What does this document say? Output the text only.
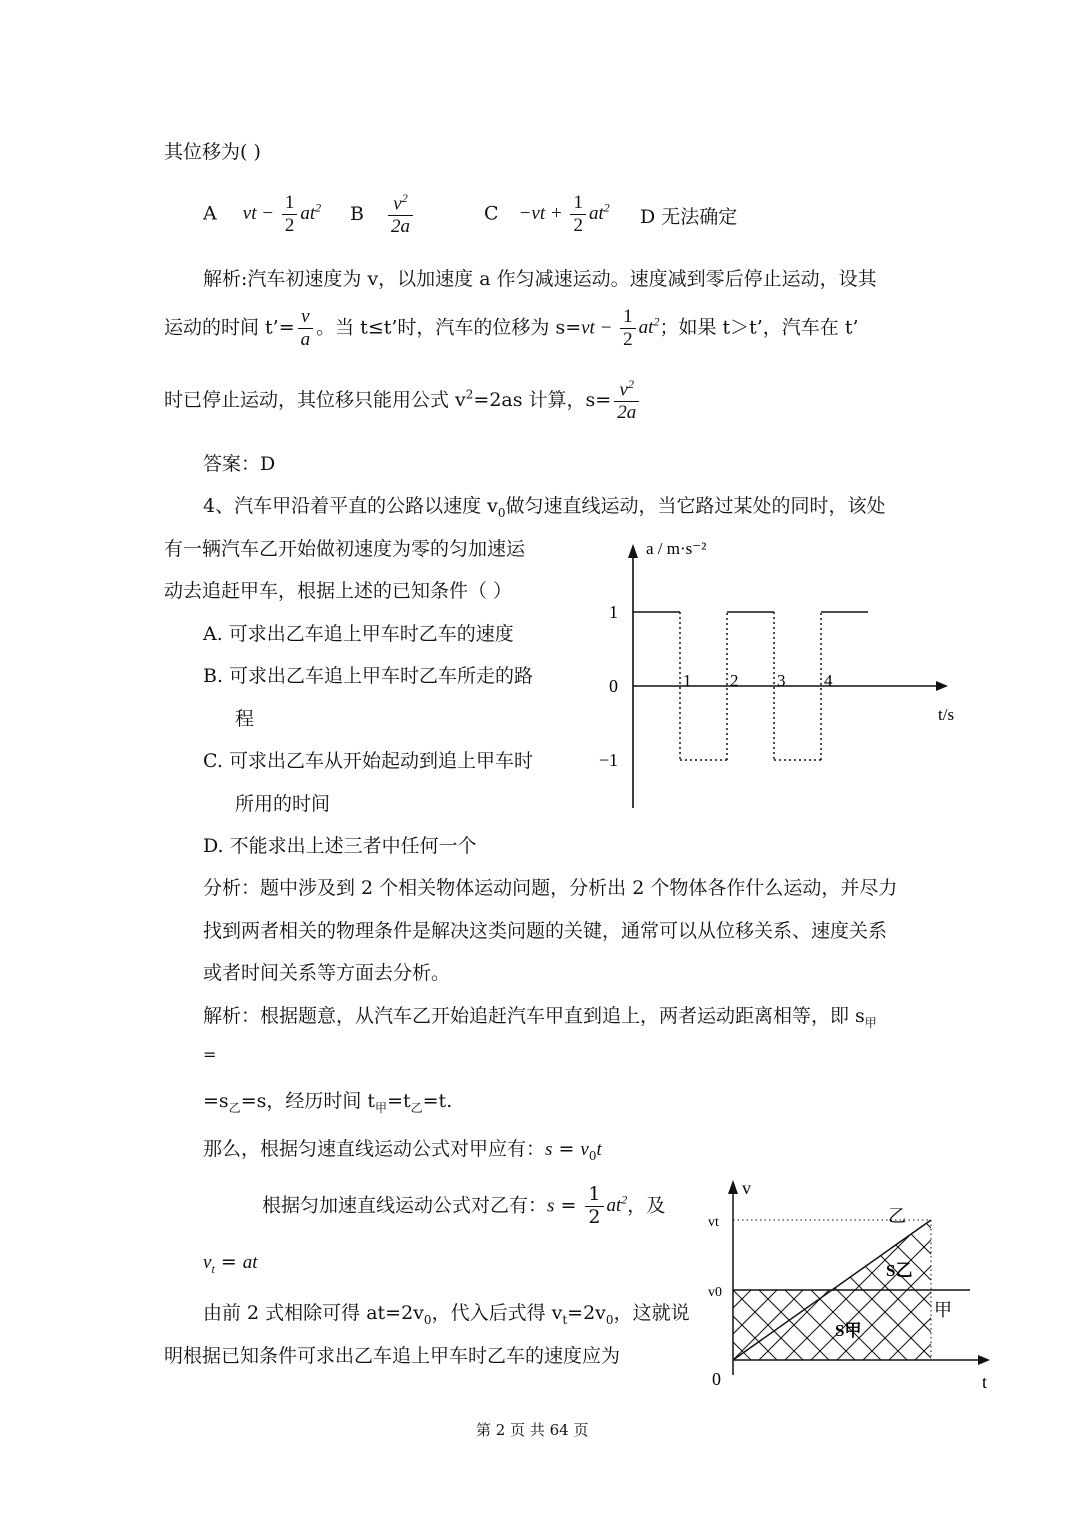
其位移为( )
A vt − $\frac{1}{2} at^2$ B $\frac{v^2}{2a}$	$C -vt + \frac{1}{2} at^2$ D 无法确定
解析:汽车初速度为 v，以加速度 a 作匀减速运动。速度减到零后停止运动，设其
运动的时间 t’= $\frac{v}{a}$ 。当 t≤t’时，汽车的位移为 $s=vt - \frac{1}{2} at^2$；如果 t＞t’，汽车在 t’
时已停止运动，其位移只能用公式 $v^2=2as$ 计算，$s= \frac{v^2}{2a}$
答案：D
4、汽车甲沿着平直的公路以速度 $v_0$做匀速直线运动，当它路过某处的同时，该处
有一辆汽车乙开始做初速度为零的匀加速运
动去追赶甲车，根据上述的已知条件（ ）
A. 可求出乙车追上甲车时乙车的速度
B. 可求出乙车追上甲车时乙车所走的路
程
C. 可求出乙车从开始起动到追上甲车时
所用的时间
D. 不能求出上述三者中任何一个
分析：题中涉及到 2 个相关物体运动问题，分析出 2 个物体各作什么运动，并尽力
找到两者相关的物理条件是解决这类问题的关键，通常可以从位移关系、速度关系
或者时间关系等方面去分析。
解析：根据题意，从汽车乙开始追赶汽车甲直到追上，两者运动距离相等，即 $s_甲$
=
$=s_乙=s$，经历时间 $t_甲=t_乙=t$.
那么，根据匀速直线运动公式对甲应有：$s = v_0t$
根据匀加速直线运动公式对乙有：$s = \frac{1}{2} at^2$，及
$v_t$ = at
由前 2 式相除可得 $at=2v_0$，代入后式得 $v_t=2v_0$，这就说
明根据已知条件可求出乙车追上甲车时乙车的速度应为
第 2 页 共 64 页
a / m·s⁻²
t/s
1
0
−1
1 2 3 4
v
t
0
vt
v0
乙
甲
S乙
S甲
